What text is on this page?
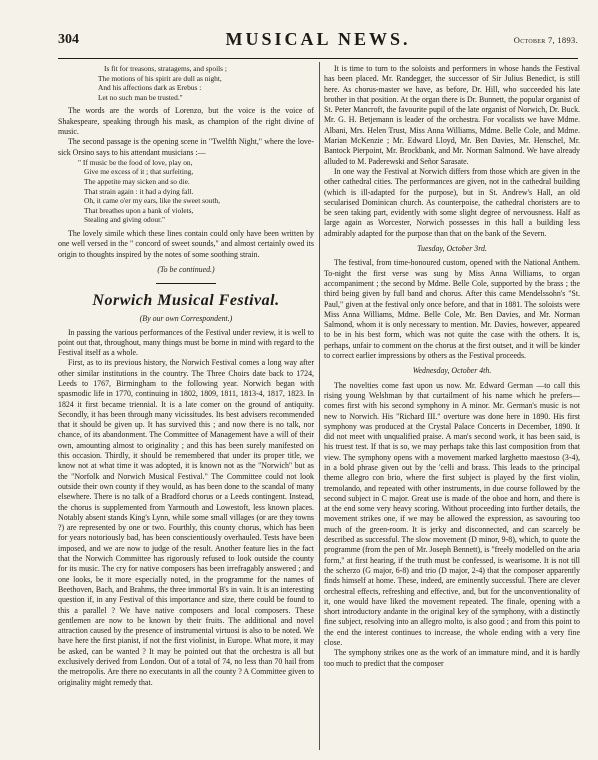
304	MUSICAL NEWS.	October 7, 1893.
Is fit for treasons, stratagems, and spoils ;
The motions of his spirit are dull as night,
And his affections dark as Erebus :
Let no such man be trusted."

The words are the words of Lorenzo, but the voice is the voice of Shakespeare, speaking through his mask, as champion of the right divine of music.

The second passage is the opening scene in "Twelfth Night," where the love-sick Orsino says to his attendant musicians :—

" If music be the food of love, play on,
Give me excess of it ; that surfeiting,
The appetite may sicken and so die.
That strain again : it had a dying fall.
Oh, it came o'er my ears, like the sweet south,
That breathes upon a bank of violets,
Stealing and giving odour."

The lovely simile which these lines contain could only have been written by one well versed in the " concord of sweet sounds," and almost certainly owed its origin to thoughts inspired by the notes of some soothing strain.

(To be continued.)

Norwich Musical Festival.

(By our own Correspondent.)

In passing the various performances of the Festival under review, it is well to point out that, throughout, many things must be borne in mind with regard to the Festival itself as a whole.

First, as to its previous history, the Norwich Festival comes a long way after other similar institutions in the country. The Three Choirs date back to 1724, Leeds to 1767, Birmingham to the following year. Norwich began with spasmodic life in 1770, continuing in 1802, 1809, 1811, 1813-4, 1817, 1823. In 1824 it first became triennial. It is a late comer on the ground of antiquity. Secondly, it has been through many vicissitudes. Its best advisers recommended that it should be given up. It has survived this ; and now there is no talk, nor chance, of its abandonment. The Committee of Management have a will of their own, amounting almost to originality ; and this has been surely manifested on this occasion. Thirdly, it should be remembered that under its proper title, we know not at what time it was adopted, it is known not as the "Norwich" but as the "Norfolk and Norwich Musical Festival." The Committee could not look outside their own county if they would, as has been done to the scandal of many elsewhere. There is no talk of a Bradford chorus or a Leeds contingent. Instead, the chorus is supplemented from Yarmouth and Lowestoft, less known places. Notably absent stands King's Lynn, while some small villages (or are they towns ?) are represented by one or two. Fourthly, this county chorus, which has been for years notoriously bad, has been conscientiously overhauled. Tests have been imposed, and we are now to judge of the result. Another feature lies in the fact that the Norwich Committee has rigorously refused to look outside the county for its music. The cry for native composers has been irrefragably answered ; and one looks, be it more especially noted, in the programme for the names of Beethoven, Bach, and Brahms, the three immortal B's in vain. It is an interesting question if, in any Festival of this importance and size, there could be found to this a parallel ? We have native composers and local composers. These gentlemen are now to be known by their fruits. The additional and novel attraction caused by the presence of instrumental virtuosi is also to be noted. We have here the first pianist, if not the first violinist, in Europe. What more, it may be asked, can be wanted ? It may be pointed out that the orchestra is all but exclusively derived from London. Out of a total of 74, no less than 70 hail from the metropolis. Are there no executants in all the county ? A Committee given to originality might remedy that.

It is time to turn to the soloists and performers in whose hands the Festival has been placed. Mr. Randegger, the successor of Sir Julius Benedict, is still here. As chorus-master we have, as before, Dr. Hill, who succeeded his late brother in that position. At the organ there is Dr. Bunnett, the popular organist of St. Peter Mancroft, the favourite pupil of the late organist of Norwich, Dr. Buck. Mr. G. H. Betjemann is leader of the orchestra. For vocalists we have Mdme. Albani, Mrs. Helen Trust, Miss Anna Williams, Mdme. Belle Cole, and Mdme. Marian McKenzie ; Mr. Edward Lloyd, Mr. Ben Davies, Mr. Henschel, Mr. Bantock Pierpoint, Mr. Brockbank, and Mr. Norman Salmond. We have already alluded to M. Paderewski and Señor Sarasate.

In one way the Festival at Norwich differs from those which are given in the other cathedral cities. The performances are given, not in the cathedral building (which is ill-adapted for the purpose), but in St. Andrew's Hall, an old secularised Dominican church. As counterpoise, the cathedral choristers are to be seen taking part, evidently with some slight degree of nervousness. Half as large again as Worcester, Norwich possesses in this hall a building less admirably adapted for the purpose than that on the bank of the Severn.

Tuesday, October 3rd.

The festival, from time-honoured custom, opened with the National Anthem. To-night the first verse was sung by Miss Anna Williams, to organ accompaniment ; the second by Mdme. Belle Cole, supported by the brass ; the third being given by full band and chorus. After this came Mendelssohn's "St. Paul," given at the festival only once before, and that in 1881. The soloists were Miss Anna Williams, Mdme. Belle Cole, Mr. Ben Davies, and Mr. Norman Salmond, whom it is only necessary to mention. Mr. Davies, however, appeared to be in his best form, which was not quite the case with the others. It is, perhaps, unfair to comment on the chorus at the first outset, and it will be kinder to correct earlier impressions by others as the Festival proceeds.

Wednesday, October 4th.

The novelties come fast upon us now. Mr. Edward German —to call this rising young Welshman by that curtailment of his name which he prefers—comes first with his second symphony in A minor. Mr. German's music is not new to Norwich. His "Richard III." overture was done here in 1890. His first symphony was produced at the Crystal Palace Concerts in December, 1890. It did not meet with unqualified praise. A man's second work, it has been said, is his truest test. If that is so, we may perhaps take this last composition from that view. The symphony opens with a movement marked larghetto maestoso (3-4), in a bold phrase given out by the 'celli and brass. This leads to the principal theme allegro con brio, where the first subject is played by the first violin, tremolando, and repeated with other instruments, in due course followed by the second subject in C major. Great use is made of the oboe and horn, and there is at the end some very heavy scoring. Without proceeding into further details, the movement strikes one, if we may be allowed the expression, as savouring too much of the green-room. It is jerky and disconnected, and can scarcely be described as successful. The slow movement (D minor, 9-8), which, to quote the programme (from the pen of Mr. Joseph Bennett), is "freely modelled on the aria form," at first hearing, if the truth must be confessed, is wearisome. It is not till the scherzo (G major, 6-8) and trio (D major, 2-4) that the composer apparently finds himself at home. These, indeed, are eminently successful. There are clever orchestral effects, refreshing and effective, and, but for the unconventionality of it, one would have liked the movement repeated. The finale, opening with a short introductory andante in the original key of the symphony, with a distinctly fine subject, resolving into an allegro molto, is also good ; and from this point to the end the interest continues to increase, the whole ending with a very fine close.

The symphony strikes one as the work of an immature mind, and it is hardly too much to predict that the composer
